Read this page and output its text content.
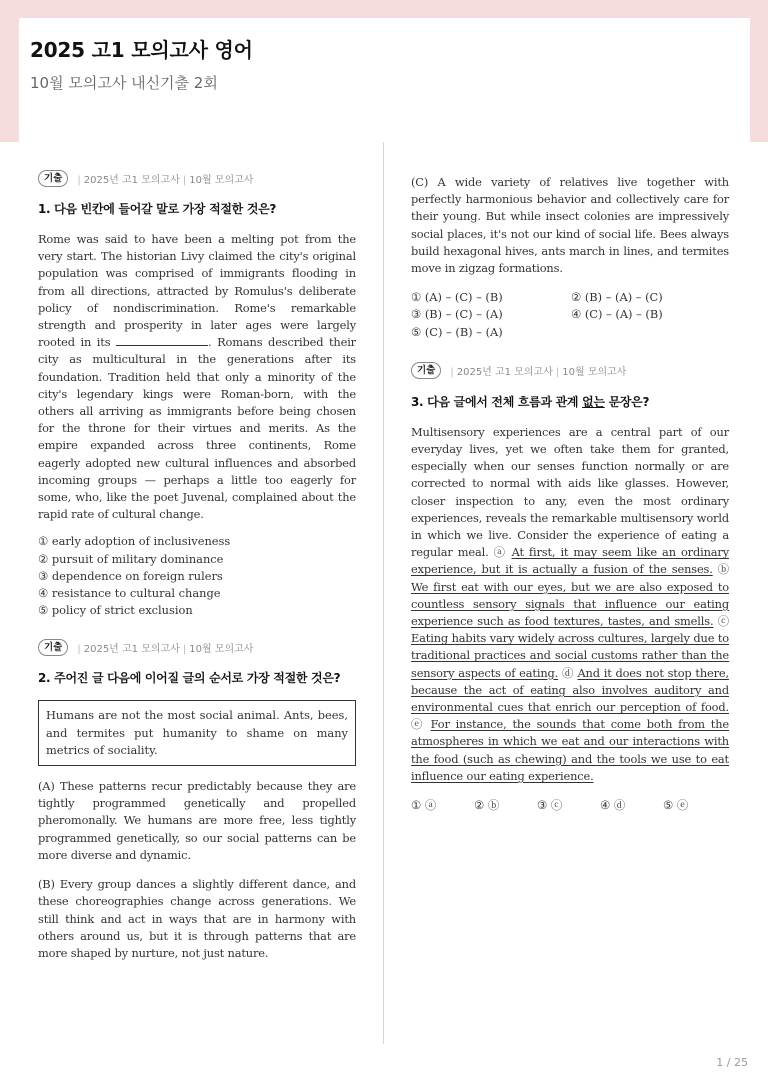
2025 고1 모의고사 영어
10월 모의고사 내신기출 2회
기출	| 2025년 고1 모의고사 | 10월 모의고사
1. 다음 빈칸에 들어갈 말로 가장 적절한 것은?
Rome was said to have been a melting pot from the very start. The historian Livy claimed the city's original population was comprised of immigrants flooding in from all directions, attracted by Romulus's deliberate policy of nondiscrimination. Rome's remarkable strength and prosperity in later ages were largely rooted in its	. Romans described their city as multicultural in the generations after its foundation. Tradition held that only a minority of the city's legendary kings were Roman-born, with the others all arriving as immigrants before being chosen for the throne for their virtues and merits. As the empire expanded across three continents, Rome eagerly adopted new cultural influences and absorbed incoming groups — perhaps a little too eagerly for some, who, like the poet Juvenal, complained about the rapid rate of cultural change.
① early adoption of inclusiveness
② pursuit of military dominance
③ dependence on foreign rulers
④ resistance to cultural change
⑤ policy of strict exclusion
기출	| 2025년 고1 모의고사 | 10월 모의고사
2. 주어진 글 다음에 이어질 글의 순서로 가장 적절한 것은?
Humans are not the most social animal. Ants, bees, and termites put humanity to shame on many metrics of sociality.
(A) These patterns recur predictably because they are tightly programmed genetically and propelled pheromonally. We humans are more free, less tightly programmed genetically, so our social patterns can be more diverse and dynamic.
(B) Every group dances a slightly different dance, and these choreographies change across generations. We still think and act in ways that are in harmony with others around us, but it is through patterns that are more shaped by nurture, not just nature.
(C) A wide variety of relatives live together with perfectly harmonious behavior and collectively care for their young. But while insect colonies are impressively social places, it's not our kind of social life. Bees always build hexagonal hives, ants march in lines, and termites move in zigzag formations.
① (A) – (C) – (B)	② (B) – (A) – (C)
③ (B) – (C) – (A)	④ (C) – (A) – (B)
⑤ (C) – (B) – (A)
기출	| 2025년 고1 모의고사 | 10월 모의고사
3. 다음 글에서 전체 흐름과 관계 없는 문장은?
Multisensory experiences are a central part of our everyday lives, yet we often take them for granted, especially when our senses function normally or are corrected to normal with aids like glasses. However, closer inspection to any, even the most ordinary experiences, reveals the remarkable multisensory world in which we live. Consider the experience of eating a regular meal. ⓐ At first, it may seem like an ordinary experience, but it is actually a fusion of the senses. ⓑ We first eat with our eyes, but we are also exposed to countless sensory signals that influence our eating experience such as food textures, tastes, and smells. ⓒ Eating habits vary widely across cultures, largely due to traditional practices and social customs rather than the sensory aspects of eating. ⓓ And it does not stop there, because the act of eating also involves auditory and environmental cues that enrich our perception of food. ⓔ For instance, the sounds that come both from the atmospheres in which we eat and our interactions with the food (such as chewing) and the tools we use to eat influence our eating experience.
① ⓐ	② ⓑ	③ ⓒ	④ ⓓ	⑤ ⓔ
1 / 25
